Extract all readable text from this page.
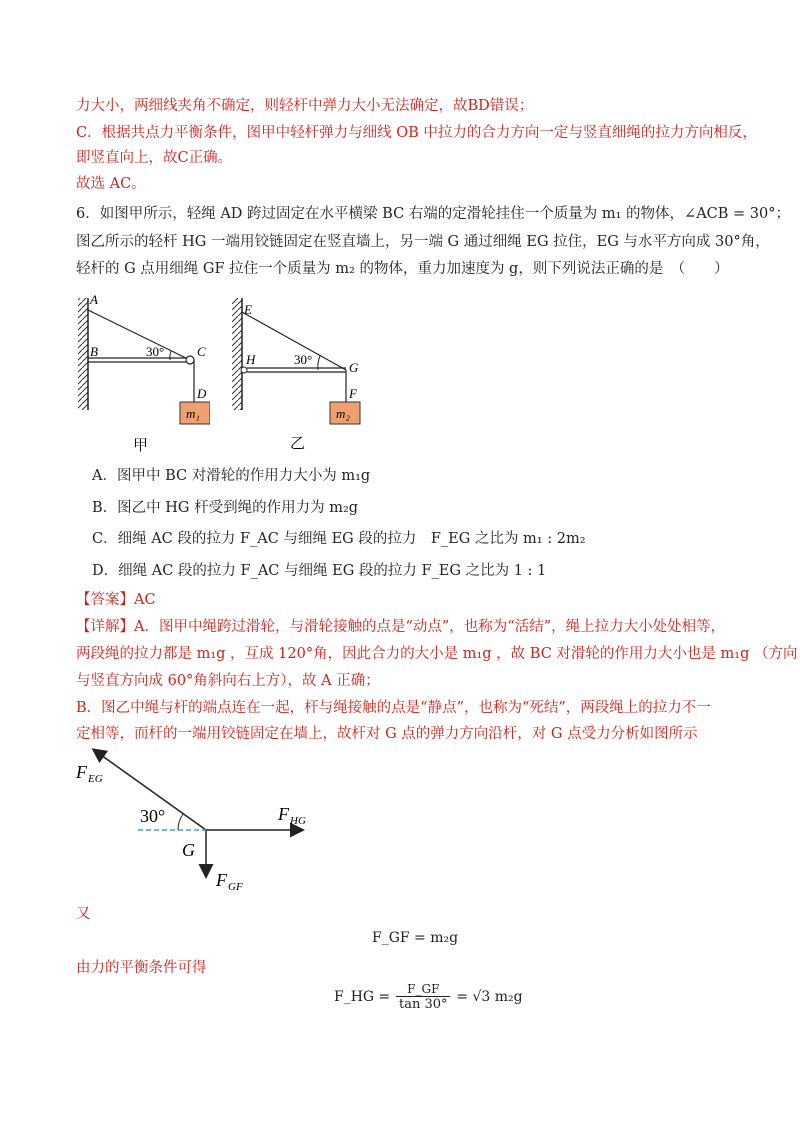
力大小，两细线夹角不确定，则轻杆中弹力大小无法确定，故BD错误；
C．根据共点力平衡条件，图甲中轻杆弹力与细线 OB 中拉力的合力方向一定与竖直细绳的拉力方向相反，
即竖直向上，故C正确。
故选 AC。
6．如图甲所示，轻绳 AD 跨过固定在水平横梁 BC 右端的定滑轮挂住一个质量为 m₁ 的物体，∠ACB = 30°；
图乙所示的轻杆 HG 一端用铰链固定在竖直墙上，另一端 G 通过细绳 EG 拉住，EG 与水平方向成 30°角，
轻杆的 G 点用细绳 GF 拉住一个质量为 m₂ 的物体，重力加速度为 g，则下列说法正确的是　（　　）
A
B	C
D
30°
m₁
甲
E
H
G
F
30°
m₂
乙
A．图甲中 BC 对滑轮的作用力大小为 m₁g
B．图乙中 HG 杆受到绳的作用力为 m₂g
C．细绳 AC 段的拉力 F_AC 与细绳 EG 段的拉力　F_EG 之比为 m₁ : 2m₂
D．细绳 AC 段的拉力 F_AC 与细绳 EG 段的拉力 F_EG 之比为 1 : 1
【答案】AC
【详解】A．图甲中绳跨过滑轮，与滑轮接触的点是“动点”，也称为“活结”，绳上拉力大小处处相等，
两段绳的拉力都是 m₁g ，互成 120°角，因此合力的大小是 m₁g ，故 BC 对滑轮的作用力大小也是 m₁g （方向
与竖直方向成 60°角斜向右上方），故 A 正确；
B．图乙中绳与杆的端点连在一起，杆与绳接触的点是“静点”，也称为“死结”，两段绳上的拉力不一
定相等，而杆的一端用铰链固定在墙上，故杆对 G 点的弹力方向沿杆，对 G 点受力分析如图所示
F EG
F HG
F GF
30°
G
又
F_GF = m₂g
由力的平衡条件可得
F_HG = F_GF
tan 30° = √3 m₂g
